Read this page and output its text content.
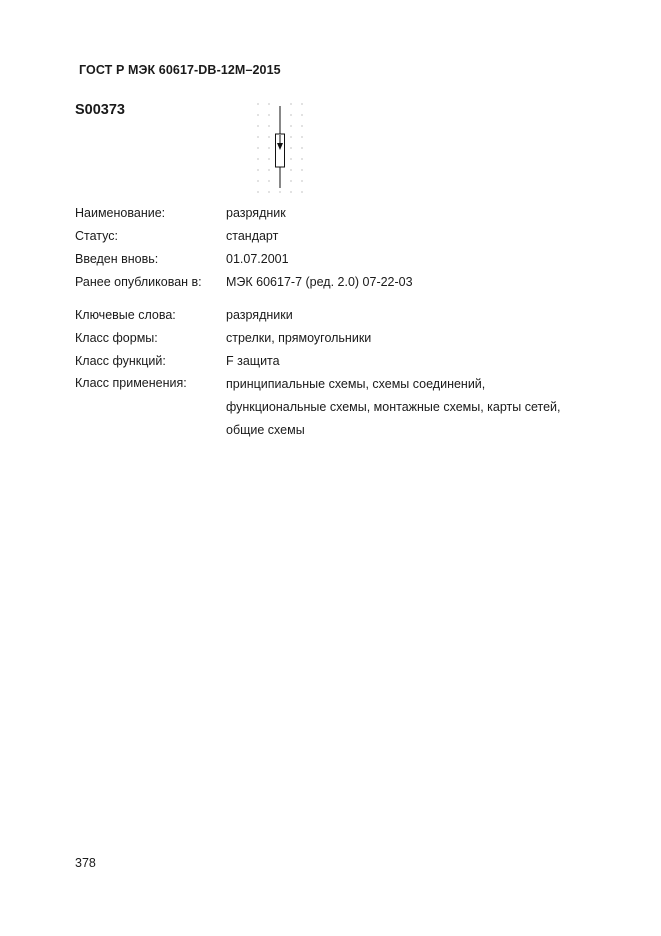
ГОСТ Р МЭК 60617-DB-12M–2015
S00373
Наименование:	разрядник
Статус:	стандарт
Введен вновь:	01.07.2001
Ранее опубликован в: МЭК 60617-7 (ред. 2.0) 07-22-03
Ключевые слова:	разрядники
Класс формы:	стрелки, прямоугольники
Класс функций:	F защита
Класс применения:	принципиальные схемы, схемы соединений, функциональные схемы, монтажные схемы, карты сетей, общие схемы
378
